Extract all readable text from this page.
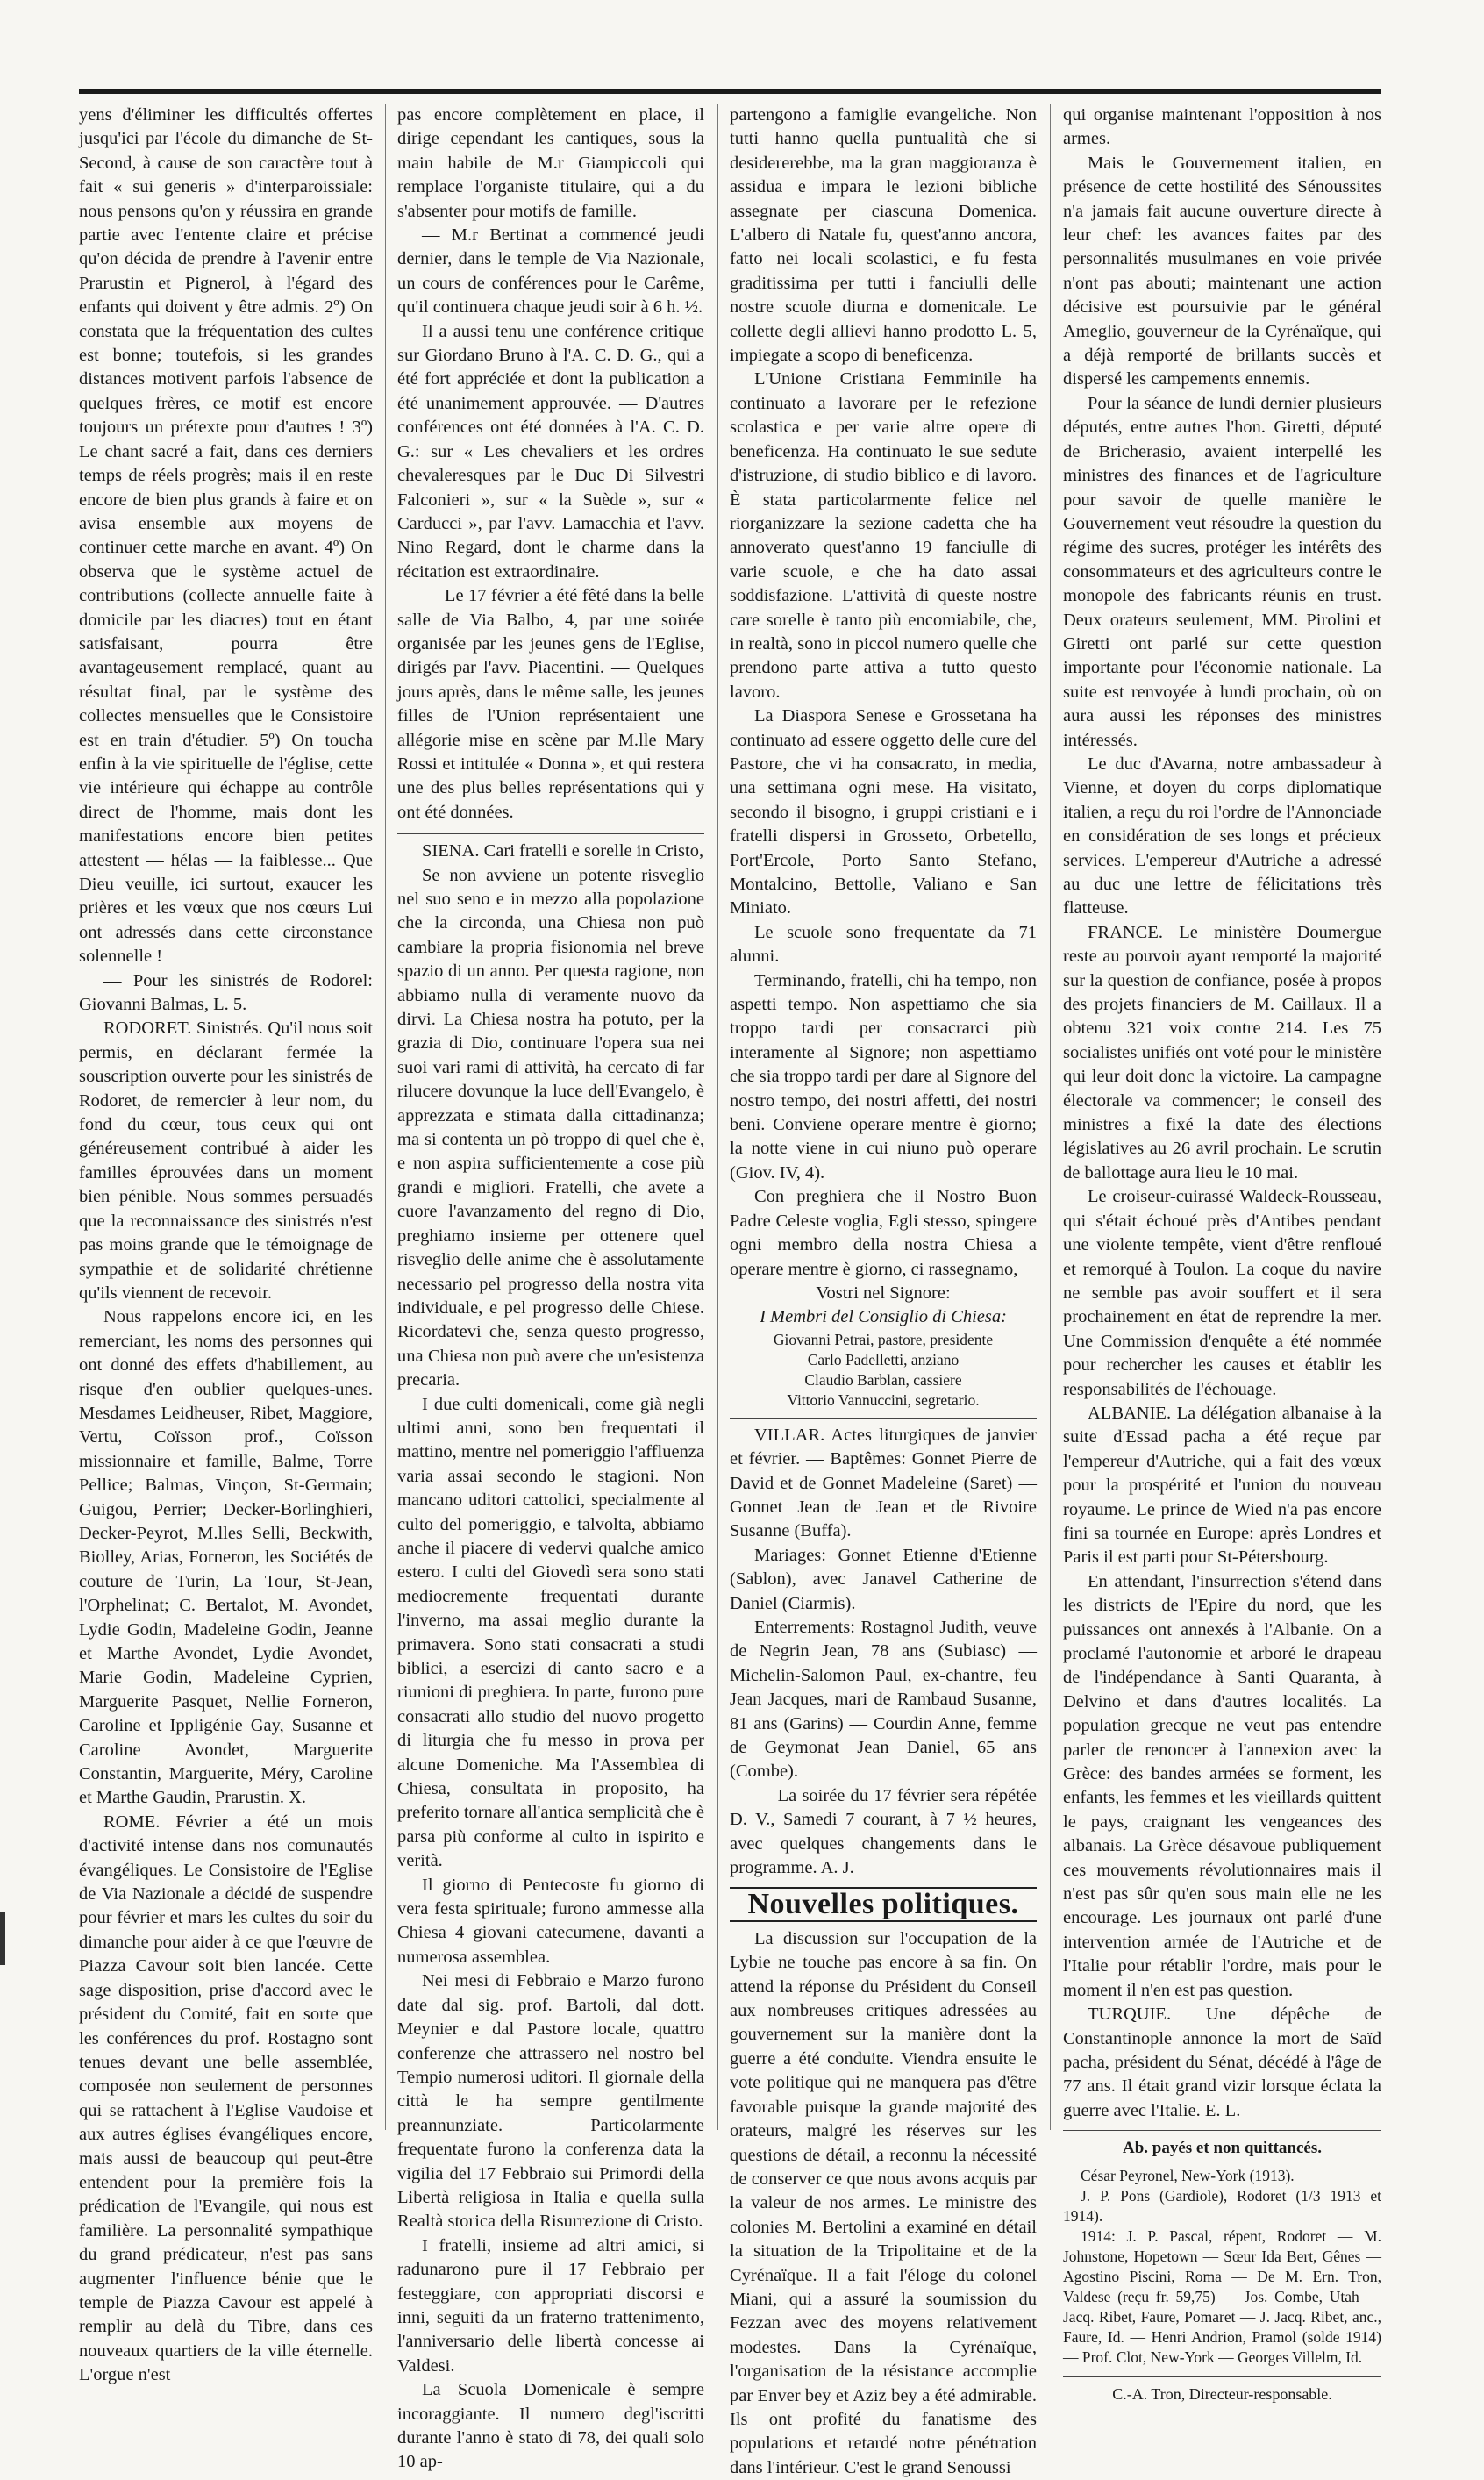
yens d'éliminer les difficultés offertes jusqu'ici par l'école du dimanche de St-Second, à cause de son caractère tout à fait « sui generis » d'interparoissiale: nous pensons qu'on y réussira en grande partie avec l'entente claire et précise qu'on décida de prendre à l'avenir entre Prarustin et Pignerol, à l'égard des enfants qui doivent y être admis. 2º) On constata que la fréquentation des cultes est bonne; toutefois, si les grandes distances motivent parfois l'absence de quelques frères, ce motif est encore toujours un prétexte pour d'autres ! 3º) Le chant sacré a fait, dans ces derniers temps de réels progrès; mais il en reste encore de bien plus grands à faire et on avisa ensemble aux moyens de continuer cette marche en avant. 4º) On observa que le système actuel de contributions (collecte annuelle faite à domicile par les diacres) tout en étant satisfaisant, pourra être avantageusement remplacé, quant au résultat final, par le système des collectes mensuelles que le Consistoire est en train d'étudier. 5º) On toucha enfin à la vie spirituelle de l'église, cette vie intérieure qui échappe au contrôle direct de l'homme, mais dont les manifestations encore bien petites attestent — hélas — la faiblesse... Que Dieu veuille, ici surtout, exaucer les prières et les vœux que nos cœurs Lui ont adressés dans cette circonstance solennelle !

— Pour les sinistrés de Rodorel: Giovanni Balmas, L. 5.

RODORET. Sinistrés. Qu'il nous soit permis, en déclarant fermée la souscription ouverte pour les sinistrés de Rodoret, de remercier à leur nom, du fond du cœur, tous ceux qui ont généreusement contribué à aider les familles éprouvées dans un moment bien pénible. Nous sommes persuadés que la reconnaissance des sinistrés n'est pas moins grande que le témoignage de sympathie et de solidarité chrétienne qu'ils viennent de recevoir.

Nous rappelons encore ici, en les remerciant, les noms des personnes qui ont donné des effets d'habillement, au risque d'en oublier quelques-unes. Mesdames Leidheuser, Ribet, Maggiore, Vertu, Coïsson prof., Coïsson missionnaire et famille, Balme, Torre Pellice; Balmas, Vinçon, St-Germain; Guigou, Perrier; Decker-Borlinghieri, Decker-Peyrot, M.lles Selli, Beckwith, Biolley, Arias, Forneron, les Sociétés de couture de Turin, La Tour, St-Jean, l'Orphelinat; C. Bertalot, M. Avondet, Lydie Godin, Madeleine Godin, Jeanne et Marthe Avondet, Lydie Avondet, Marie Godin, Madeleine Cyprien, Marguerite Pasquet, Nellie Forneron, Caroline et Ippligénie Gay, Susanne et Caroline Avondet, Marguerite Constantin, Marguerite, Méry, Caroline et Marthe Gaudin, Prarustin. X.

ROME. Février a été un mois d'activité intense dans nos comunautés évangéliques. Le Consistoire de l'Eglise de Via Nazionale a décidé de suspendre pour février et mars les cultes du soir du dimanche pour aider à ce que l'œuvre de Piazza Cavour soit bien lancée. Cette sage disposition, prise d'accord avec le président du Comité, fait en sorte que les conférences du prof. Rostagno sont tenues devant une belle assemblée, composée non seulement de personnes qui se rattachent à l'Eglise Vaudoise et aux autres églises évangéliques encore, mais aussi de beaucoup qui peut-être entendent pour la première fois la prédication de l'Evangile, qui nous est familière. La personnalité sympathique du grand prédicateur, n'est pas sans augmenter l'influence bénie que le temple de Piazza Cavour est appelé à remplir au delà du Tibre, dans ces nouveaux quartiers de la ville éternelle. L'orgue n'est

pas encore complètement en place, il dirige cependant les cantiques, sous la main habile de M.r Giampiccoli qui remplace l'organiste titulaire, qui a du s'absenter pour motifs de famille.

— M.r Bertinat a commencé jeudi dernier, dans le temple de Via Nazionale, un cours de conférences pour le Carême, qu'il continuera chaque jeudi soir à 6 h. ½.

Il a aussi tenu une conférence critique sur Giordano Bruno à l'A. C. D. G., qui a été fort appréciée et dont la publication a été unanimement approuvée. — D'autres conférences ont été données à l'A. C. D. G.: sur « Les chevaliers et les ordres chevaleresques par le Duc Di Silvestri Falconieri », sur « la Suède », sur « Carducci », par l'avv. Lamacchia et l'avv. Nino Regard, dont le charme dans la récitation est extraordinaire.

— Le 17 février a été fêté dans la belle salle de Via Balbo, 4, par une soirée organisée par les jeunes gens de l'Eglise, dirigés par l'avv. Piacentini. — Quelques jours après, dans le même salle, les jeunes filles de l'Union représentaient une allégorie mise en scène par M.lle Mary Rossi et intitulée « Donna », et qui restera une des plus belles représentations qui y ont été données.

SIENA. Cari fratelli e sorelle in Cristo,

Se non avviene un potente risveglio nel suo seno e in mezzo alla popolazione che la circonda, una Chiesa non può cambiare la propria fisionomia nel breve spazio di un anno. Per questa ragione, non abbiamo nulla di veramente nuovo da dirvi. La Chiesa nostra ha potuto, per la grazia di Dio, continuare l'opera sua nei suoi vari rami di attività, ha cercato di far rilucere dovunque la luce dell'Evangelo, è apprezzata e stimata dalla cittadinanza; ma si contenta un pò troppo di quel che è, e non aspira sufficientemente a cose più grandi e migliori. Fratelli, che avete a cuore l'avanzamento del regno di Dio, preghiamo insieme per ottenere quel risveglio delle anime che è assolutamente necessario pel progresso della nostra vita individuale, e pel progresso delle Chiese. Ricordatevi che, senza questo progresso, una Chiesa non può avere che un'esistenza precaria.

I due culti domenicali, come già negli ultimi anni, sono ben frequentati il mattino, mentre nel pomeriggio l'affluenza varia assai secondo le stagioni. Non mancano uditori cattolici, specialmente al culto del pomeriggio, e talvolta, abbiamo anche il piacere di vedervi qualche amico estero. I culti del Giovedì sera sono stati mediocremente frequentati durante l'inverno, ma assai meglio durante la primavera. Sono stati consacrati a studi biblici, a esercizi di canto sacro e a riunioni di preghiera. In parte, furono pure consacrati allo studio del nuovo progetto di liturgia che fu messo in prova per alcune Domeniche. Ma l'Assemblea di Chiesa, consultata in proposito, ha preferito tornare all'antica semplicità che è parsa più conforme al culto in ispirito e verità.

Il giorno di Pentecoste fu giorno di vera festa spirituale; furono ammesse alla Chiesa 4 giovani catecumene, davanti a numerosa assemblea.

Nei mesi di Febbraio e Marzo furono date dal sig. prof. Bartoli, dal dott. Meynier e dal Pastore locale, quattro conferenze che attrassero nel nostro bel Tempio numerosi uditori. Il giornale della città le ha sempre gentilmente preannunziate. Particolarmente frequentate furono la conferenza data la vigilia del 17 Febbraio sui Primordi della Libertà religiosa in Italia e quella sulla Realtà storica della Risurrezione di Cristo.

I fratelli, insieme ad altri amici, si radunarono pure il 17 Febbraio per festeggiare, con appropriati discorsi e inni, seguiti da un fraterno trattenimento, l'anniversario delle libertà concesse ai Valdesi.

La Scuola Domenicale è sempre incoraggiante. Il numero degl'iscritti durante l'anno è stato di 78, dei quali solo 10 ap-

partengono a famiglie evangeliche. Non tutti hanno quella puntualità che si desidererebbe, ma la gran maggioranza è assidua e impara le lezioni bibliche assegnate per ciascuna Domenica. L'albero di Natale fu, quest'anno ancora, fatto nei locali scolastici, e fu festa graditissima per tutti i fanciulli delle nostre scuole diurna e domenicale. Le collette degli allievi hanno prodotto L. 5, impiegate a scopo di beneficenza.

L'Unione Cristiana Femminile ha continuato a lavorare per le refezione scolastica e per varie altre opere di beneficenza. Ha continuato le sue sedute d'istruzione, di studio biblico e di lavoro. È stata particolarmente felice nel riorganizzare la sezione cadetta che ha annoverato quest'anno 19 fanciulle di varie scuole, e che ha dato assai soddisfazione. L'attività di queste nostre care sorelle è tanto più encomiabile, che, in realtà, sono in piccol numero quelle che prendono parte attiva a tutto questo lavoro.

La Diaspora Senese e Grossetana ha continuato ad essere oggetto delle cure del Pastore, che vi ha consacrato, in media, una settimana ogni mese. Ha visitato, secondo il bisogno, i gruppi cristiani e i fratelli dispersi in Grosseto, Orbetello, Port'Ercole, Porto Santo Stefano, Montalcino, Bettolle, Valiano e San Miniato.

Le scuole sono frequentate da 71 alunni.

Terminando, fratelli, chi ha tempo, non aspetti tempo. Non aspettiamo che sia troppo tardi per consacrarci più interamente al Signore; non aspettiamo che sia troppo tardi per dare al Signore del nostro tempo, dei nostri affetti, dei nostri beni. Conviene operare mentre è giorno; la notte viene in cui niuno può operare (Giov. IV, 4).

Con preghiera che il Nostro Buon Padre Celeste voglia, Egli stesso, spingere ogni membro della nostra Chiesa a operare mentre è giorno, ci rassegnamo,

Vostri nel Signore:

I Membri del Consiglio di Chiesa:

Giovanni Petrai, pastore, presidente

Carlo Padelletti, anziano

Claudio Barblan, cassiere

Vittorio Vannuccini, segretario.

VILLAR. Actes liturgiques de janvier et février. — Baptêmes: Gonnet Pierre de David et de Gonnet Madeleine (Saret) — Gonnet Jean de Jean et de Rivoire Susanne (Buffa).

Mariages: Gonnet Etienne d'Etienne (Sablon), avec Janavel Catherine de Daniel (Ciarmis).

Enterrements: Rostagnol Judith, veuve de Negrin Jean, 78 ans (Subiasc) — Michelin-Salomon Paul, ex-chantre, feu Jean Jacques, mari de Rambaud Susanne, 81 ans (Garins) — Courdin Anne, femme de Geymonat Jean Daniel, 65 ans (Combe).

— La soirée du 17 février sera répétée D. V., Samedi 7 courant, à 7 ½ heures, avec quelques changements dans le programme. A. J.

Nouvelles politiques.

La discussion sur l'occupation de la Lybie ne touche pas encore à sa fin. On attend la réponse du Président du Conseil aux nombreuses critiques adressées au gouvernement sur la manière dont la guerre a été conduite. Viendra ensuite le vote politique qui ne manquera pas d'être favorable puisque la grande majorité des orateurs, malgré les réserves sur les questions de détail, a reconnu la nécessité de conserver ce que nous avons acquis par la valeur de nos armes. Le ministre des colonies M. Bertolini a examiné en détail la situation de la Tripolitaine et de la Cyrénaïque. Il a fait l'éloge du colonel Miani, qui a assuré la soumission du Fezzan avec des moyens relativement modestes. Dans la Cyrénaïque, l'organisation de la résistance accomplie par Enver bey et Aziz bey a été admirable. Ils ont profité du fanatisme des populations et retardé notre pénétration dans l'intérieur. C'est le grand Senoussi

qui organise maintenant l'opposition à nos armes.

Mais le Gouvernement italien, en présence de cette hostilité des Sénoussites n'a jamais fait aucune ouverture directe à leur chef: les avances faites par des personnalités musulmanes en voie privée n'ont pas abouti; maintenant une action décisive est poursuivie par le général Ameglio, gouverneur de la Cyrénaïque, qui a déjà remporté de brillants succès et dispersé les campements ennemis.

Pour la séance de lundi dernier plusieurs députés, entre autres l'hon. Giretti, député de Bricherasio, avaient interpellé les ministres des finances et de l'agriculture pour savoir de quelle manière le Gouvernement veut résoudre la question du régime des sucres, protéger les intérêts des consommateurs et des agriculteurs contre le monopole des fabricants réunis en trust. Deux orateurs seulement, MM. Pirolini et Giretti ont parlé sur cette question importante pour l'économie nationale. La suite est renvoyée à lundi prochain, où on aura aussi les réponses des ministres intéressés.

Le duc d'Avarna, notre ambassadeur à Vienne, et doyen du corps diplomatique italien, a reçu du roi l'ordre de l'Annonciade en considération de ses longs et précieux services. L'empereur d'Autriche a adressé au duc une lettre de félicitations très flatteuse.

FRANCE. Le ministère Doumergue reste au pouvoir ayant remporté la majorité sur la question de confiance, posée à propos des projets financiers de M. Caillaux. Il a obtenu 321 voix contre 214. Les 75 socialistes unifiés ont voté pour le ministère qui leur doit donc la victoire. La campagne électorale va commencer; le conseil des ministres a fixé la date des élections législatives au 26 avril prochain. Le scrutin de ballottage aura lieu le 10 mai.

Le croiseur-cuirassé Waldeck-Rousseau, qui s'était échoué près d'Antibes pendant une violente tempête, vient d'être renfloué et remorqué à Toulon. La coque du navire ne semble pas avoir souffert et il sera prochainement en état de reprendre la mer. Une Commission d'enquête a été nommée pour rechercher les causes et établir les responsabilités de l'échouage.

ALBANIE. La délégation albanaise à la suite d'Essad pacha a été reçue par l'empereur d'Autriche, qui a fait des vœux pour la prospérité et l'union du nouveau royaume. Le prince de Wied n'a pas encore fini sa tournée en Europe: après Londres et Paris il est parti pour St-Pétersbourg.

En attendant, l'insurrection s'étend dans les districts de l'Epire du nord, que les puissances ont annexés à l'Albanie. On a proclamé l'autonomie et arboré le drapeau de l'indépendance à Santi Quaranta, à Delvino et dans d'autres localités. La population grecque ne veut pas entendre parler de renoncer à l'annexion avec la Grèce: des bandes armées se forment, les enfants, les femmes et les vieillards quittent le pays, craignant les vengeances des albanais. La Grèce désavoue publiquement ces mouvements révolutionnaires mais il n'est pas sûr qu'en sous main elle ne les encourage. Les journaux ont parlé d'une intervention armée de l'Autriche et de l'Italie pour rétablir l'ordre, mais pour le moment il n'en est pas question.

TURQUIE. Une dépêche de Constantinople annonce la mort de Saïd pacha, président du Sénat, décédé à l'âge de 77 ans. Il était grand vizir lorsque éclata la guerre avec l'Italie. E. L.

Ab. payés et non quittancés.

César Peyronel, New-York (1913).

J. P. Pons (Gardiole), Rodoret (1/3 1913 et 1914).

1914: J. P. Pascal, répent, Rodoret — M. Johnstone, Hopetown — Sœur Ida Bert, Gênes — Agostino Piscini, Roma — De M. Ern. Tron, Valdese (reçu fr. 59,75) — Jos. Combe, Utah — Jacq. Ribet, Faure, Pomaret — J. Jacq. Ribet, anc., Faure, Id. — Henri Andrion, Pramol (solde 1914) — Prof. Clot, New-York — Georges Villelm, Id.

C.-A. Tron, Directeur-responsable.
